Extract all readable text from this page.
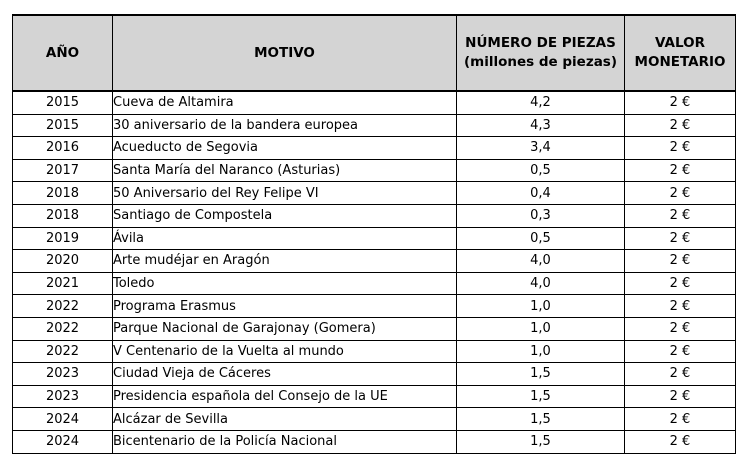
AÑO	MOTIVO	NÚMERO DE PIEZAS (millones de piezas)	VALOR MONETARIO

2015	Cueva de Altamira	4,2	2 €
2015	30 aniversario de la bandera europea	4,3	2 €
2016	Acueducto de Segovia	3,4	2 €
2017	Santa María del Naranco (Asturias)	0,5	2 €
2018	50 Aniversario del Rey Felipe VI	0,4	2 €
2018	Santiago de Compostela	0,3	2 €
2019	Ávila	0,5	2 €
2020	Arte mudéjar en Aragón	4,0	2 €
2021	Toledo	4,0	2 €
2022	Programa Erasmus	1,0	2 €
2022	Parque Nacional de Garajonay (Gomera)	1,0	2 €
2022	V Centenario de la Vuelta al mundo	1,0	2 €
2023	Ciudad Vieja de Cáceres	1,5	2 €
2023	Presidencia española del Consejo de la UE	1,5	2 €
2024	Alcázar de Sevilla	1,5	2 €
2024	Bicentenario de la Policía Nacional	1,5	2 €
